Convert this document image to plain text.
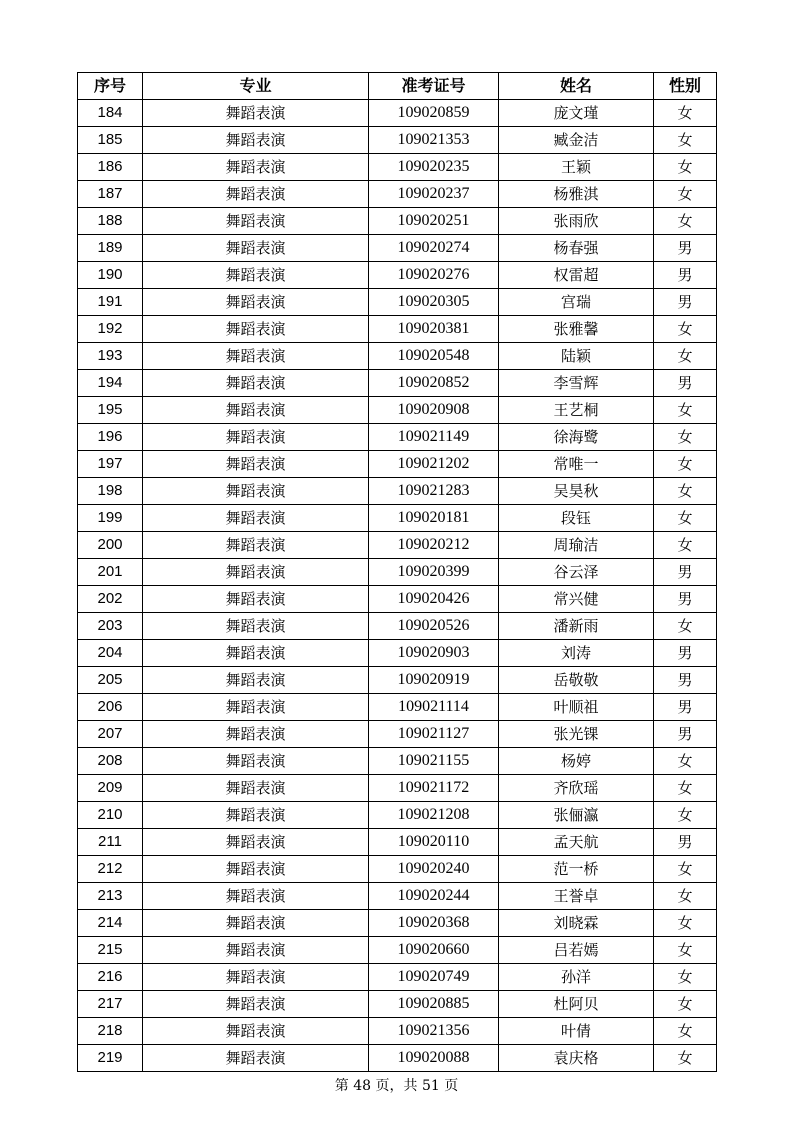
序号	专业	准考证号	姓名	性别
184	舞蹈表演	109020859	庞文瑾	女
185	舞蹈表演	109021353	臧金洁	女
186	舞蹈表演	109020235	王颖	女
187	舞蹈表演	109020237	杨雅淇	女
188	舞蹈表演	109020251	张雨欣	女
189	舞蹈表演	109020274	杨春强	男
190	舞蹈表演	109020276	权雷超	男
191	舞蹈表演	109020305	宫瑞	男
192	舞蹈表演	109020381	张雅馨	女
193	舞蹈表演	109020548	陆颖	女
194	舞蹈表演	109020852	李雪辉	男
195	舞蹈表演	109020908	王艺桐	女
196	舞蹈表演	109021149	徐海鹭	女
197	舞蹈表演	109021202	常唯一	女
198	舞蹈表演	109021283	吴昊秋	女
199	舞蹈表演	109020181	段钰	女
200	舞蹈表演	109020212	周瑜洁	女
201	舞蹈表演	109020399	谷云泽	男
202	舞蹈表演	109020426	常兴健	男
203	舞蹈表演	109020526	潘新雨	女
204	舞蹈表演	109020903	刘涛	男
205	舞蹈表演	109020919	岳敬敬	男
206	舞蹈表演	109021114	叶顺祖	男
207	舞蹈表演	109021127	张光锞	男
208	舞蹈表演	109021155	杨婷	女
209	舞蹈表演	109021172	齐欣瑶	女
210	舞蹈表演	109021208	张俪瀛	女
211	舞蹈表演	109020110	孟天航	男
212	舞蹈表演	109020240	范一桥	女
213	舞蹈表演	109020244	王誉卓	女
214	舞蹈表演	109020368	刘晓霖	女
215	舞蹈表演	109020660	吕若嫣	女
216	舞蹈表演	109020749	孙洋	女
217	舞蹈表演	109020885	杜阿贝	女
218	舞蹈表演	109021356	叶倩	女
219	舞蹈表演	109020088	袁庆格	女
第 48 页，共 51 页
